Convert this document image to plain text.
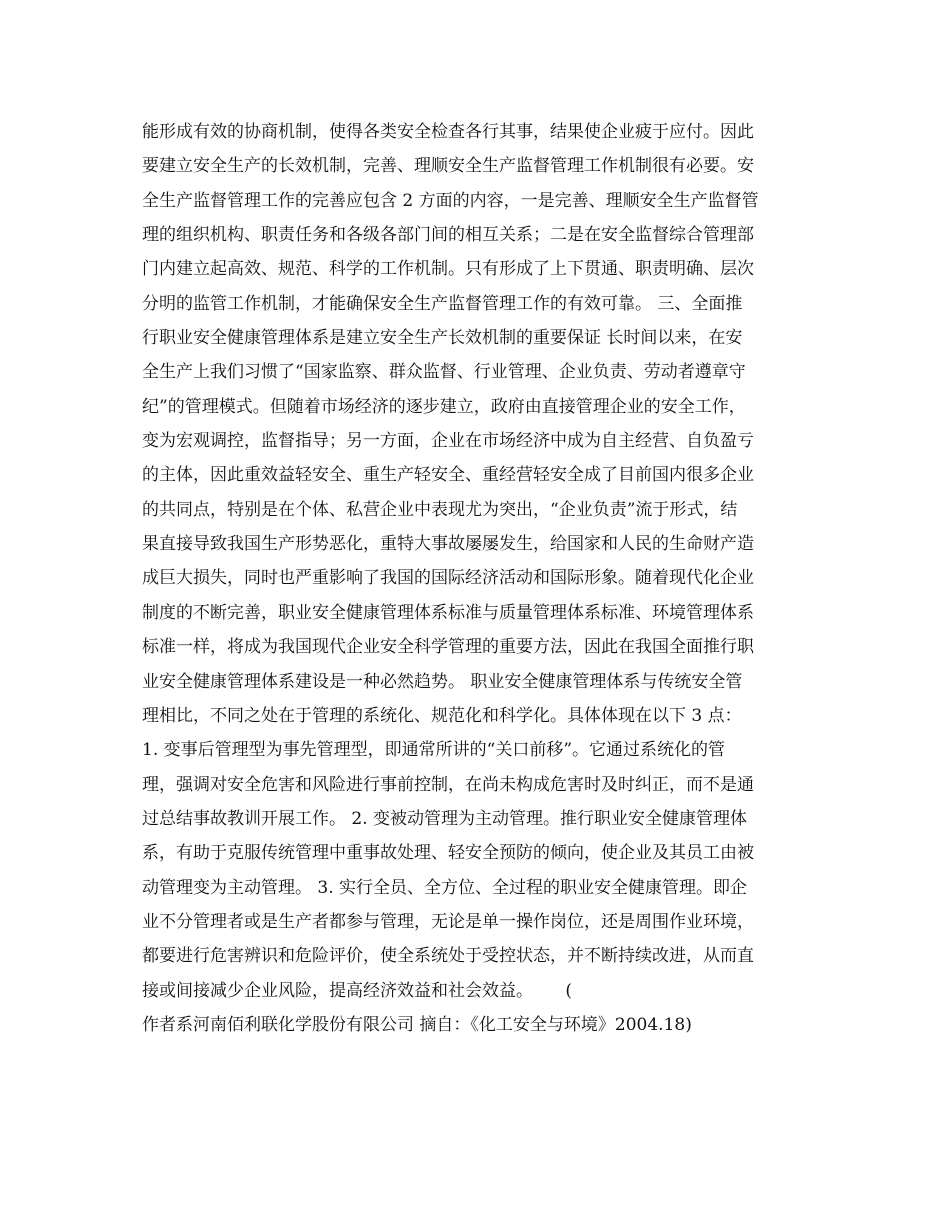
能形成有效的协商机制，使得各类安全检查各行其事，结果使企业疲于应付。因此
要建立安全生产的长效机制，完善、理顺安全生产监督管理工作机制很有必要。安
全生产监督管理工作的完善应包含 2 方面的内容，一是完善、理顺安全生产监督管
理的组织机构、职责任务和各级各部门间的相互关系；二是在安全监督综合管理部
门内建立起高效、规范、科学的工作机制。只有形成了上下贯通、职责明确、层次
分明的监管工作机制，才能确保安全生产监督管理工作的有效可靠。 三、全面推
行职业安全健康管理体系是建立安全生产长效机制的重要保证 长时间以来，在安
全生产上我们习惯了“国家监察、群众监督、行业管理、企业负责、劳动者遵章守
纪”的管理模式。但随着市场经济的逐步建立，政府由直接管理企业的安全工作，
变为宏观调控，监督指导；另一方面，企业在市场经济中成为自主经营、自负盈亏
的主体，因此重效益轻安全、重生产轻安全、重经营轻安全成了目前国内很多企业
的共同点，特别是在个体、私营企业中表现尤为突出，“企业负责”流于形式，结
果直接导致我国生产形势恶化，重特大事故屡屡发生，给国家和人民的生命财产造
成巨大损失，同时也严重影响了我国的国际经济活动和国际形象。随着现代化企业
制度的不断完善，职业安全健康管理体系标准与质量管理体系标准、环境管理体系
标准一样，将成为我国现代企业安全科学管理的重要方法，因此在我国全面推行职
业安全健康管理体系建设是一种必然趋势。 职业安全健康管理体系与传统安全管
理相比，不同之处在于管理的系统化、规范化和科学化。具体体现在以下 3 点：
1. 变事后管理型为事先管理型，即通常所讲的“关口前移”。它通过系统化的管
理，强调对安全危害和风险进行事前控制，在尚未构成危害时及时纠正，而不是通
过总结事故教训开展工作。 2. 变被动管理为主动管理。推行职业安全健康管理体
系，有助于克服传统管理中重事故处理、轻安全预防的倾向，使企业及其员工由被
动管理变为主动管理。 3. 实行全员、全方位、全过程的职业安全健康管理。即企
业不分管理者或是生产者都参与管理，无论是单一操作岗位，还是周围作业环境，
都要进行危害辨识和危险评价，使全系统处于受控状态，并不断持续改进，从而直
接或间接减少企业风险，提高经济效益和社会效益。      (
作者系河南佰利联化学股份有限公司 摘自：《化工安全与环境》2004.18)
